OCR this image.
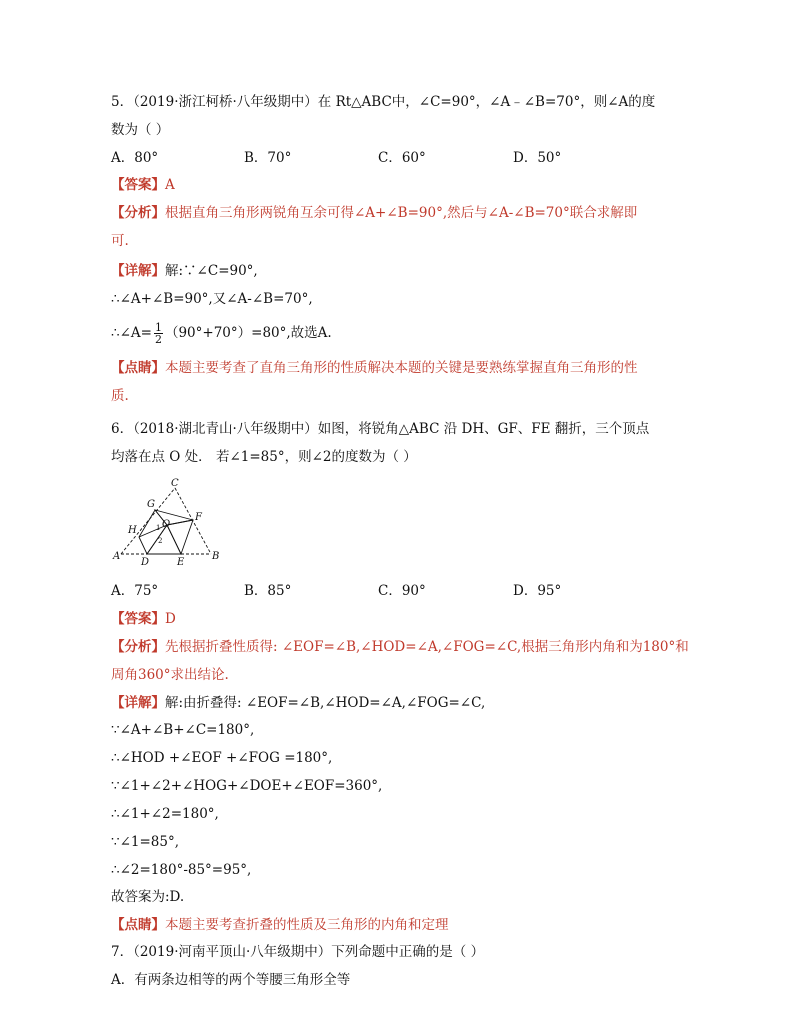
5．（2019·浙江柯桥·八年级期中）在 Rt△ABC中，∠C=90°，∠A﹣∠B=70°，则∠A的度
数为（ ）
A．80°	B．70°	C．60°	D．50°
【答案】A
【分析】根据直角三角形两锐角互余可得∠A+∠B=90°,然后与∠A-∠B=70°联合求解即
可.
【详解】解:∵∠C=90°,
∴∠A+∠B=90°,又∠A-∠B=70°,
∴∠A= $\frac{1}{2} (90^\circ+70^\circ)=80^\circ$,故选A.
【点睛】本题主要考查了直角三角形的性质解决本题的关键是要熟练掌握直角三角形的性
质.
6．（2018·湖北青山·八年级期中）如图，将锐角△ABC 沿 DH、GF、FE 翻折，三个顶点
均落在点 O 处． 若∠1=85°，则∠2的度数为（ ）
C
G
F
H
O
1
2
A
D	E
B
A．75°	B．85°	C．90°	D．95°
【答案】D
【分析】先根据折叠性质得: ∠EOF=∠B,∠HOD=∠A,∠FOG=∠C,根据三角形内角和为180°和
周角360°求出结论.
【详解】解:由折叠得: ∠EOF=∠B,∠HOD=∠A,∠FOG=∠C,
∵∠A+∠B+∠C=180°,
∴∠HOD +∠EOF +∠FOG =180°,
∵∠1+∠2+∠HOG+∠DOE+∠EOF=360°,
∴∠1+∠2=180°,
∵∠1=85°,
∴∠2=180°-85°=95°,
故答案为:D.
【点睛】本题主要考查折叠的性质及三角形的内角和定理
7．（2019·河南平顶山·八年级期中）下列命题中正确的是（ ）
A．有两条边相等的两个等腰三角形全等
